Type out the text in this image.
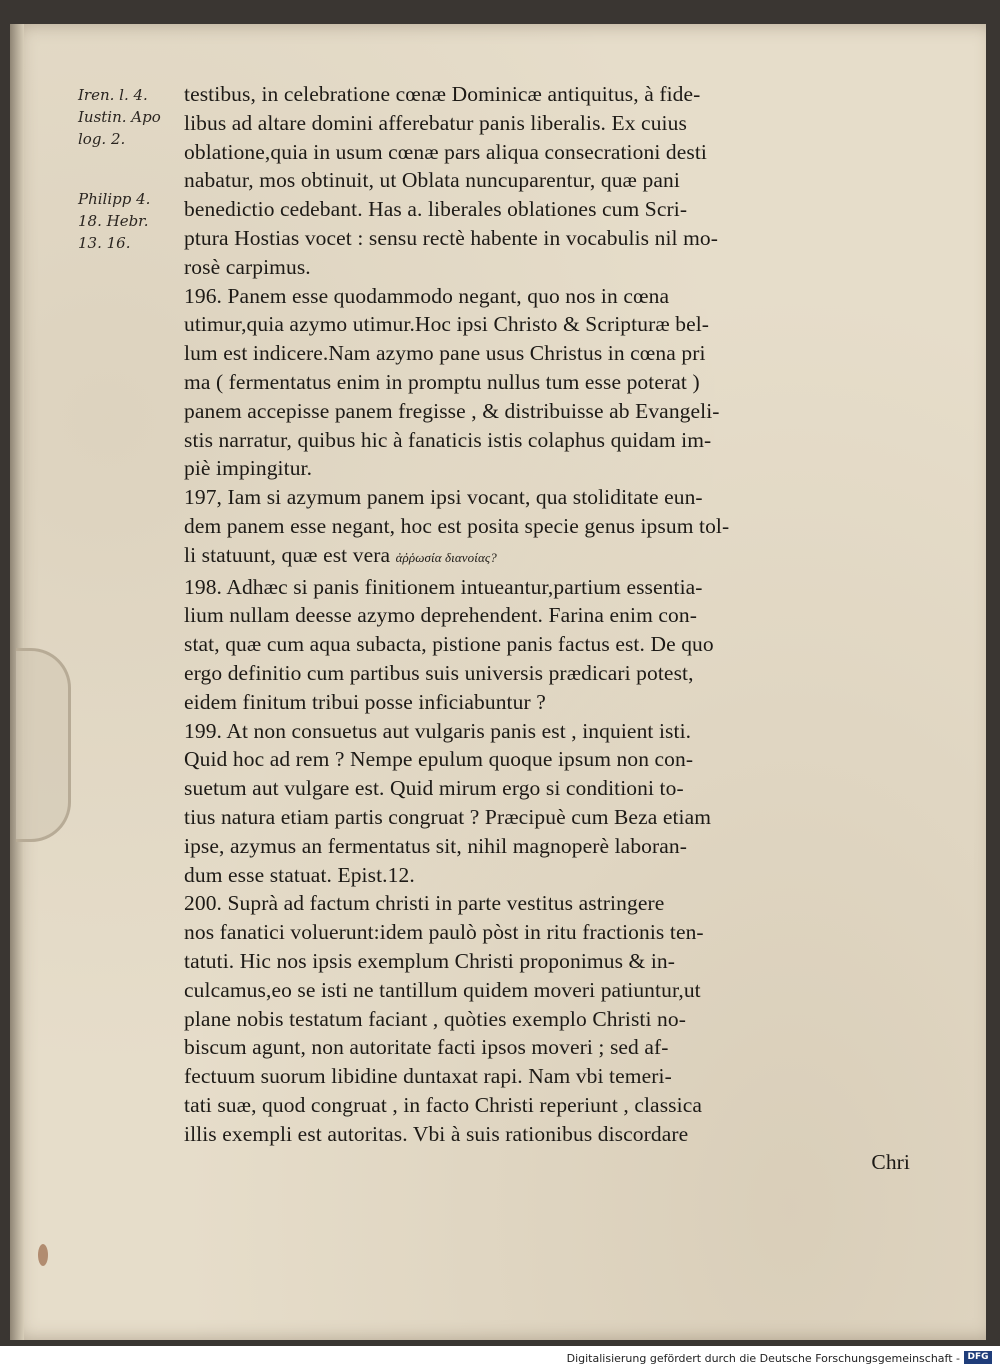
Iren. l. 4.
Iustin. Apo
log. 2.
Philipp 4.
18. Hebr.
13. 16.
testibus, in celebratione cœnæ Dominicæ antiquitus, à fide-
libus ad altare domini afferebatur panis liberalis. Ex cuius
oblatione,quia in usum cœnæ pars aliqua consecrationi desti
nabatur, mos obtinuit, ut Oblata nuncuparentur, quæ pani
benedictio cedebant. Has a. liberales oblationes cum Scri-
ptura Hostias vocet : sensu rectè habente in vocabulis nil mo-
rosè carpimus.
196. Panem esse quodammodo negant, quo nos in cœna
utimur,quia azymo utimur.Hoc ipsi Christo & Scripturæ bel-
lum est indicere.Nam azymo pane usus Christus in cœna pri
ma ( fermentatus enim in promptu nullus tum esse poterat )
panem accepisse panem fregisse , & distribuisse ab Evangeli-
stis narratur, quibus hic à fanaticis istis colaphus quidam im-
piè impingitur.
197, Iam si azymum panem ipsi vocant, qua stoliditate eun-
dem panem esse negant, hoc est posita specie genus ipsum tol-
li statuunt, quæ est vera ἀῤῥωσία διανοίας?
198. Adhæc si panis finitionem intueantur,partium essentia-
lium nullam deesse azymo deprehendent. Farina enim con-
stat, quæ cum aqua subacta, pistione panis factus est. De quo
ergo definitio cum partibus suis universis prædicari potest,
eidem finitum tribui posse inficiabuntur ?
199. At non consuetus aut vulgaris panis est , inquient isti.
Quid hoc ad rem ? Nempe epulum quoque ipsum non con-
suetum aut vulgare est. Quid mirum ergo si conditioni to-
tius natura etiam partis congruat ? Præcipuè cum Beza etiam
ipse, azymus an fermentatus sit, nihil magnoperè laboran-
dum esse statuat. Epist.12.
200. Suprà ad factum christi in parte vestitus astringere
nos fanatici voluerunt:idem paulò pòst in ritu fractionis ten-
tatuti. Hic nos ipsis exemplum Christi proponimus & in-
culcamus,eo se isti ne tantillum quidem moveri patiuntur,ut
plane nobis testatum faciant , quòties exemplo Christi no-
biscum agunt, non autoritate facti ipsos moveri ; sed af-
fectuum suorum libidine duntaxat rapi. Nam vbi temeri-
tati suæ, quod congruat , in facto Christi reperiunt , classica
illis exempli est autoritas. Vbi à suis rationibus discordare
Chri
Digitalisierung gefördert durch die Deutsche Forschungsgemeinschaft - DFG
